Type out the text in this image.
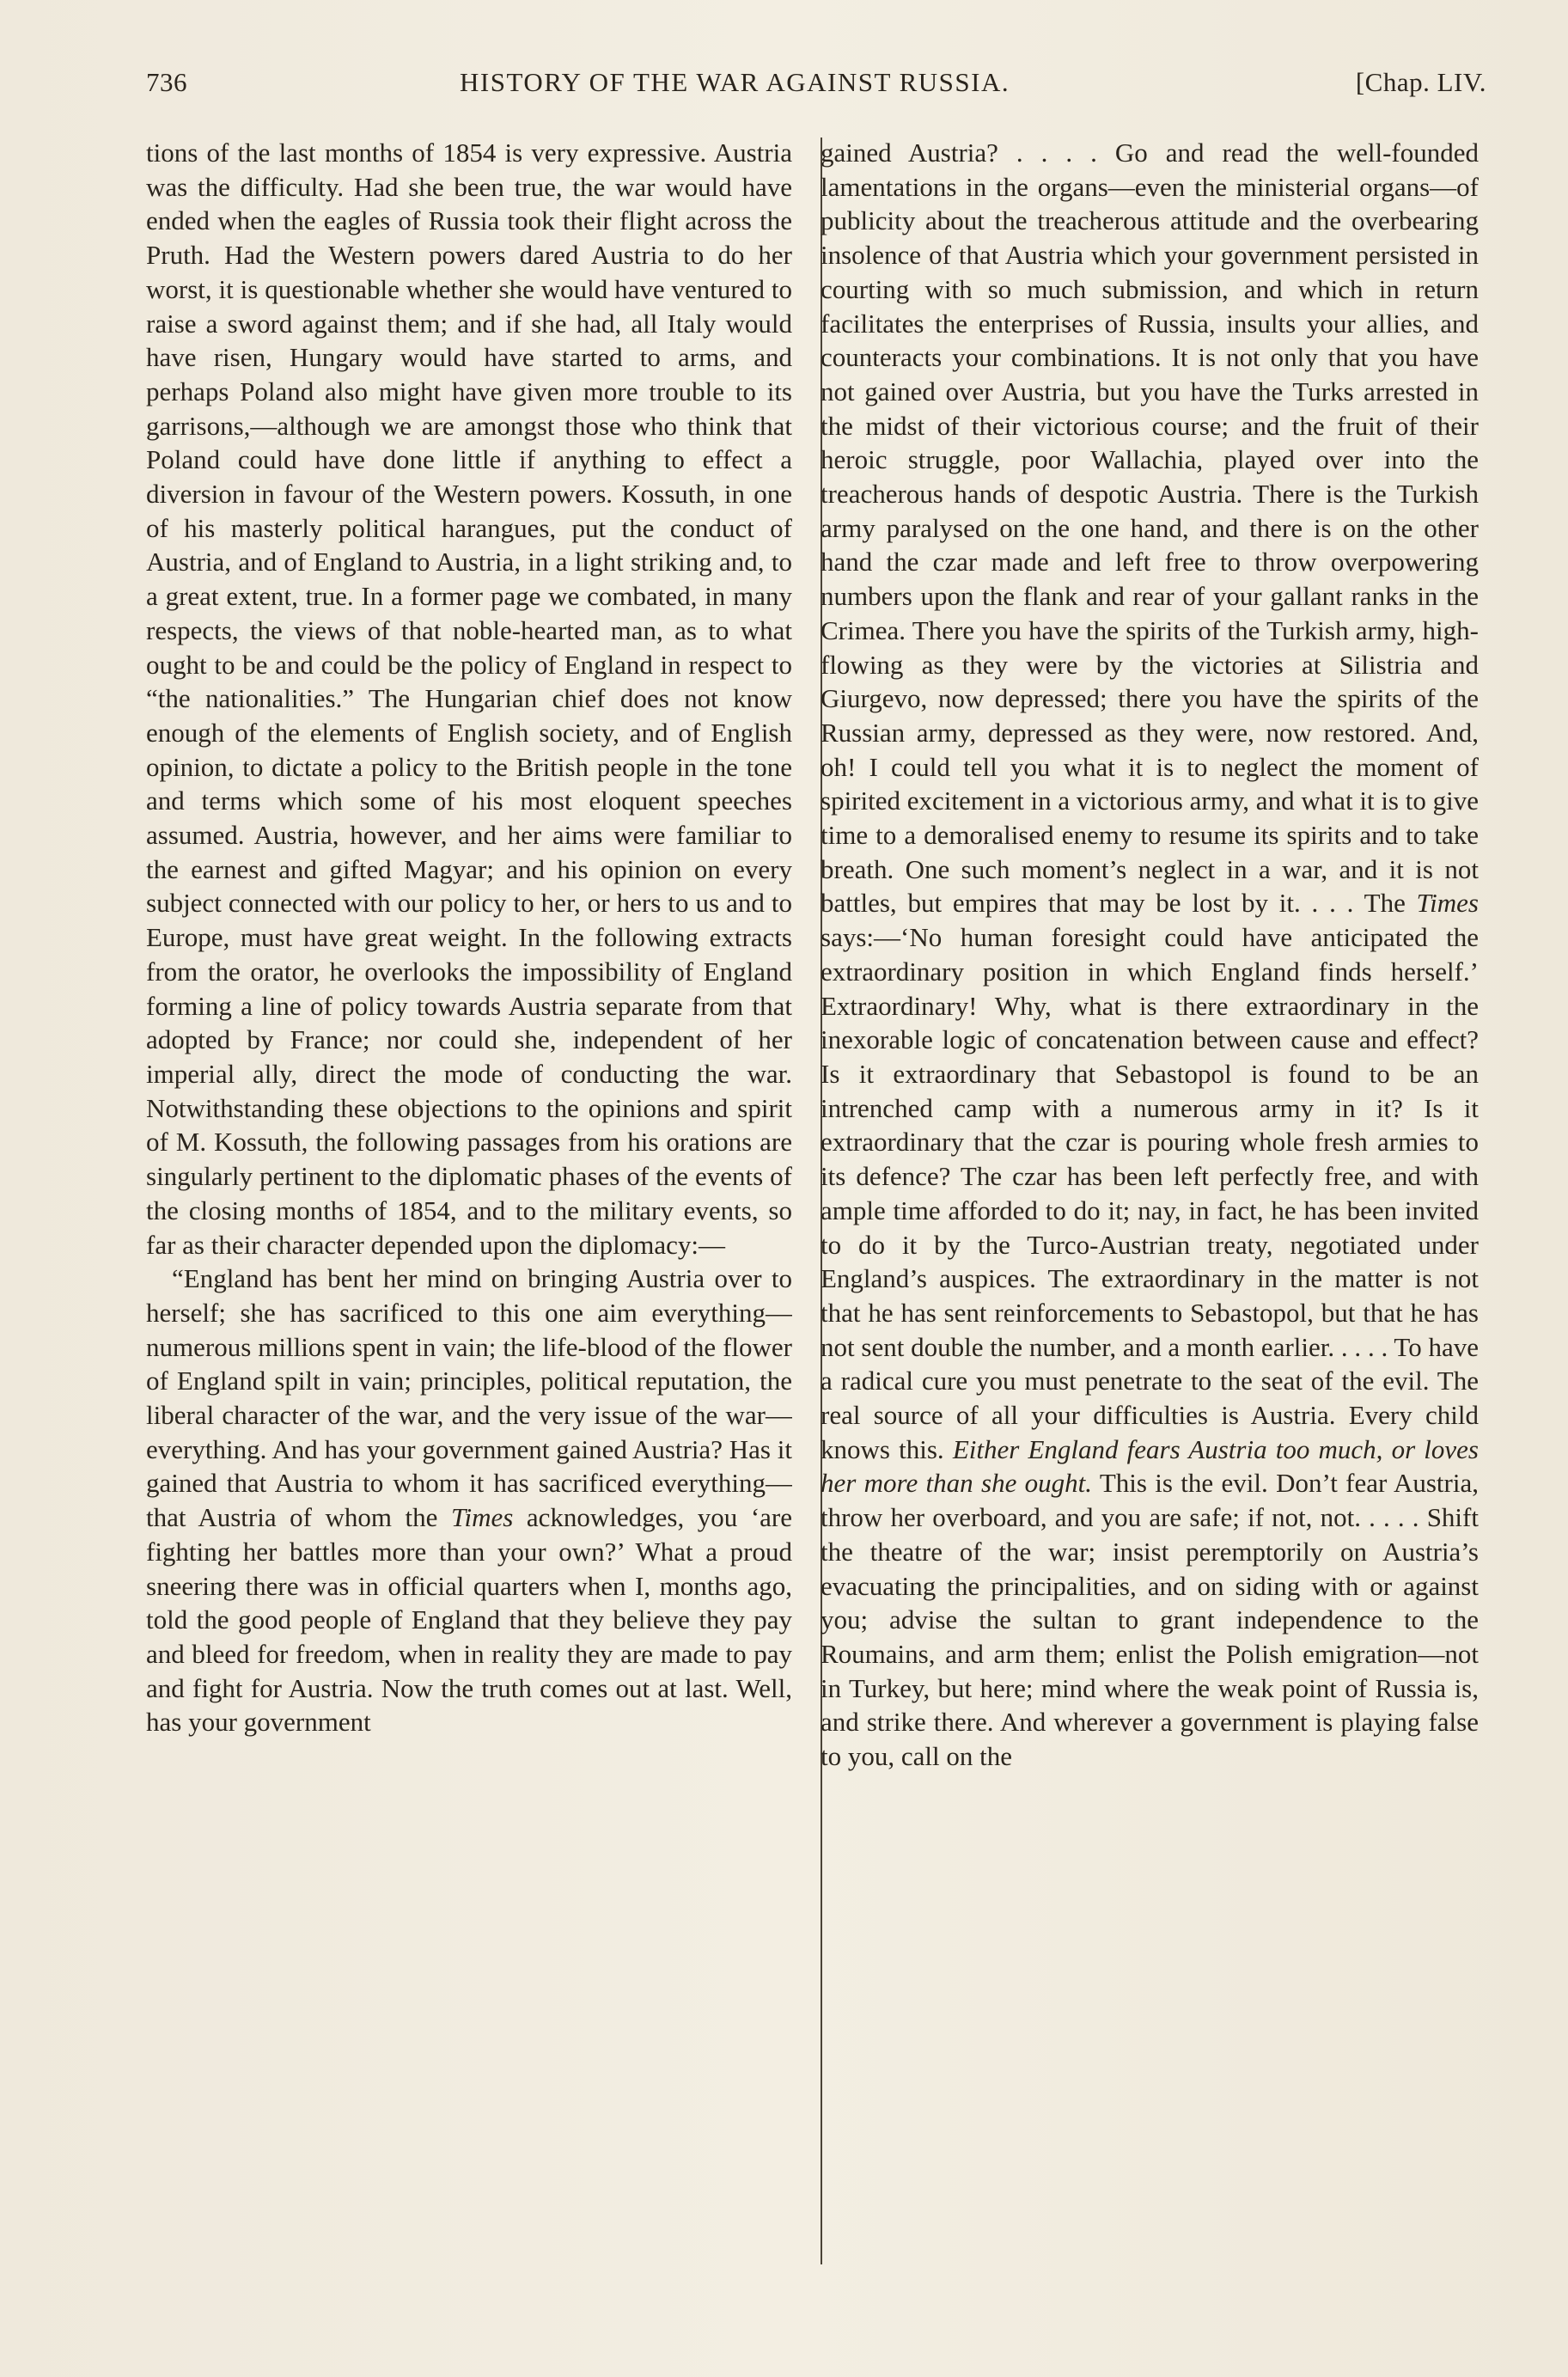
736	HISTORY OF THE WAR AGAINST RUSSIA.	[Chap. LIV.

tions of the last months of 1854 is very expressive. Austria was the difficulty. Had she been true, the war would have ended when the eagles of Russia took their flight across the Pruth. Had the Western powers dared Austria to do her worst, it is questionable whether she would have ventured to raise a sword against them; and if she had, all Italy would have risen, Hungary would have started to arms, and perhaps Poland also might have given more trouble to its garrisons,—although we are amongst those who think that Poland could have done little if anything to effect a diversion in favour of the Western powers. Kossuth, in one of his masterly political harangues, put the conduct of Austria, and of England to Austria, in a light striking and, to a great extent, true. In a former page we combated, in many respects, the views of that noble-hearted man, as to what ought to be and could be the policy of England in respect to “the nationalities.” The Hungarian chief does not know enough of the elements of English society, and of English opinion, to dictate a policy to the British people in the tone and terms which some of his most eloquent speeches assumed. Austria, however, and her aims were familiar to the earnest and gifted Magyar; and his opinion on every subject connected with our policy to her, or hers to us and to Europe, must have great weight. In the following extracts from the orator, he overlooks the impossibility of England forming a line of policy towards Austria separate from that adopted by France; nor could she, independent of her imperial ally, direct the mode of conducting the war. Notwithstanding these objections to the opinions and spirit of M. Kossuth, the following passages from his orations are singularly pertinent to the diplomatic phases of the events of the closing months of 1854, and to the military events, so far as their character depended upon the diplomacy:—

“England has bent her mind on bringing Austria over to herself; she has sacrificed to this one aim everything—numerous millions spent in vain; the life-blood of the flower of England spilt in vain; principles, political reputation, the liberal character of the war, and the very issue of the war—everything. And has your government gained Austria? Has it gained that Austria to whom it has sacrificed everything—that Austria of whom the Times acknowledges, you ‘are fighting her battles more than your own?’ What a proud sneering there was in official quarters when I, months ago, told the good people of England that they believe they pay and bleed for freedom, when in reality they are made to pay and fight for Austria. Now the truth comes out at last. Well, has your government

gained Austria? . . . . Go and read the well-founded lamentations in the organs—even the ministerial organs—of publicity about the treacherous attitude and the overbearing insolence of that Austria which your government persisted in courting with so much submission, and which in return facilitates the enterprises of Russia, insults your allies, and counteracts your combinations. It is not only that you have not gained over Austria, but you have the Turks arrested in the midst of their victorious course; and the fruit of their heroic struggle, poor Wallachia, played over into the treacherous hands of despotic Austria. There is the Turkish army paralysed on the one hand, and there is on the other hand the czar made and left free to throw overpowering numbers upon the flank and rear of your gallant ranks in the Crimea. There you have the spirits of the Turkish army, high-flowing as they were by the victories at Silistria and Giurgevo, now depressed; there you have the spirits of the Russian army, depressed as they were, now restored. And, oh! I could tell you what it is to neglect the moment of spirited excitement in a victorious army, and what it is to give time to a demoralised enemy to resume its spirits and to take breath. One such moment’s neglect in a war, and it is not battles, but empires that may be lost by it. . . . The Times says:—‘No human foresight could have anticipated the extraordinary position in which England finds herself.’ Extraordinary! Why, what is there extraordinary in the inexorable logic of concatenation between cause and effect? Is it extraordinary that Sebastopol is found to be an intrenched camp with a numerous army in it? Is it extraordinary that the czar is pouring whole fresh armies to its defence? The czar has been left perfectly free, and with ample time afforded to do it; nay, in fact, he has been invited to do it by the Turco-Austrian treaty, negotiated under England’s auspices. The extraordinary in the matter is not that he has sent reinforcements to Sebastopol, but that he has not sent double the number, and a month earlier. . . . . To have a radical cure you must penetrate to the seat of the evil. The real source of all your difficulties is Austria. Every child knows this. Either England fears Austria too much, or loves her more than she ought. This is the evil. Don’t fear Austria, throw her overboard, and you are safe; if not, not. . . . . Shift the theatre of the war; insist peremptorily on Austria’s evacuating the principalities, and on siding with or against you; advise the sultan to grant independence to the Roumains, and arm them; enlist the Polish emigration—not in Turkey, but here; mind where the weak point of Russia is, and strike there. And wherever a government is playing false to you, call on the
